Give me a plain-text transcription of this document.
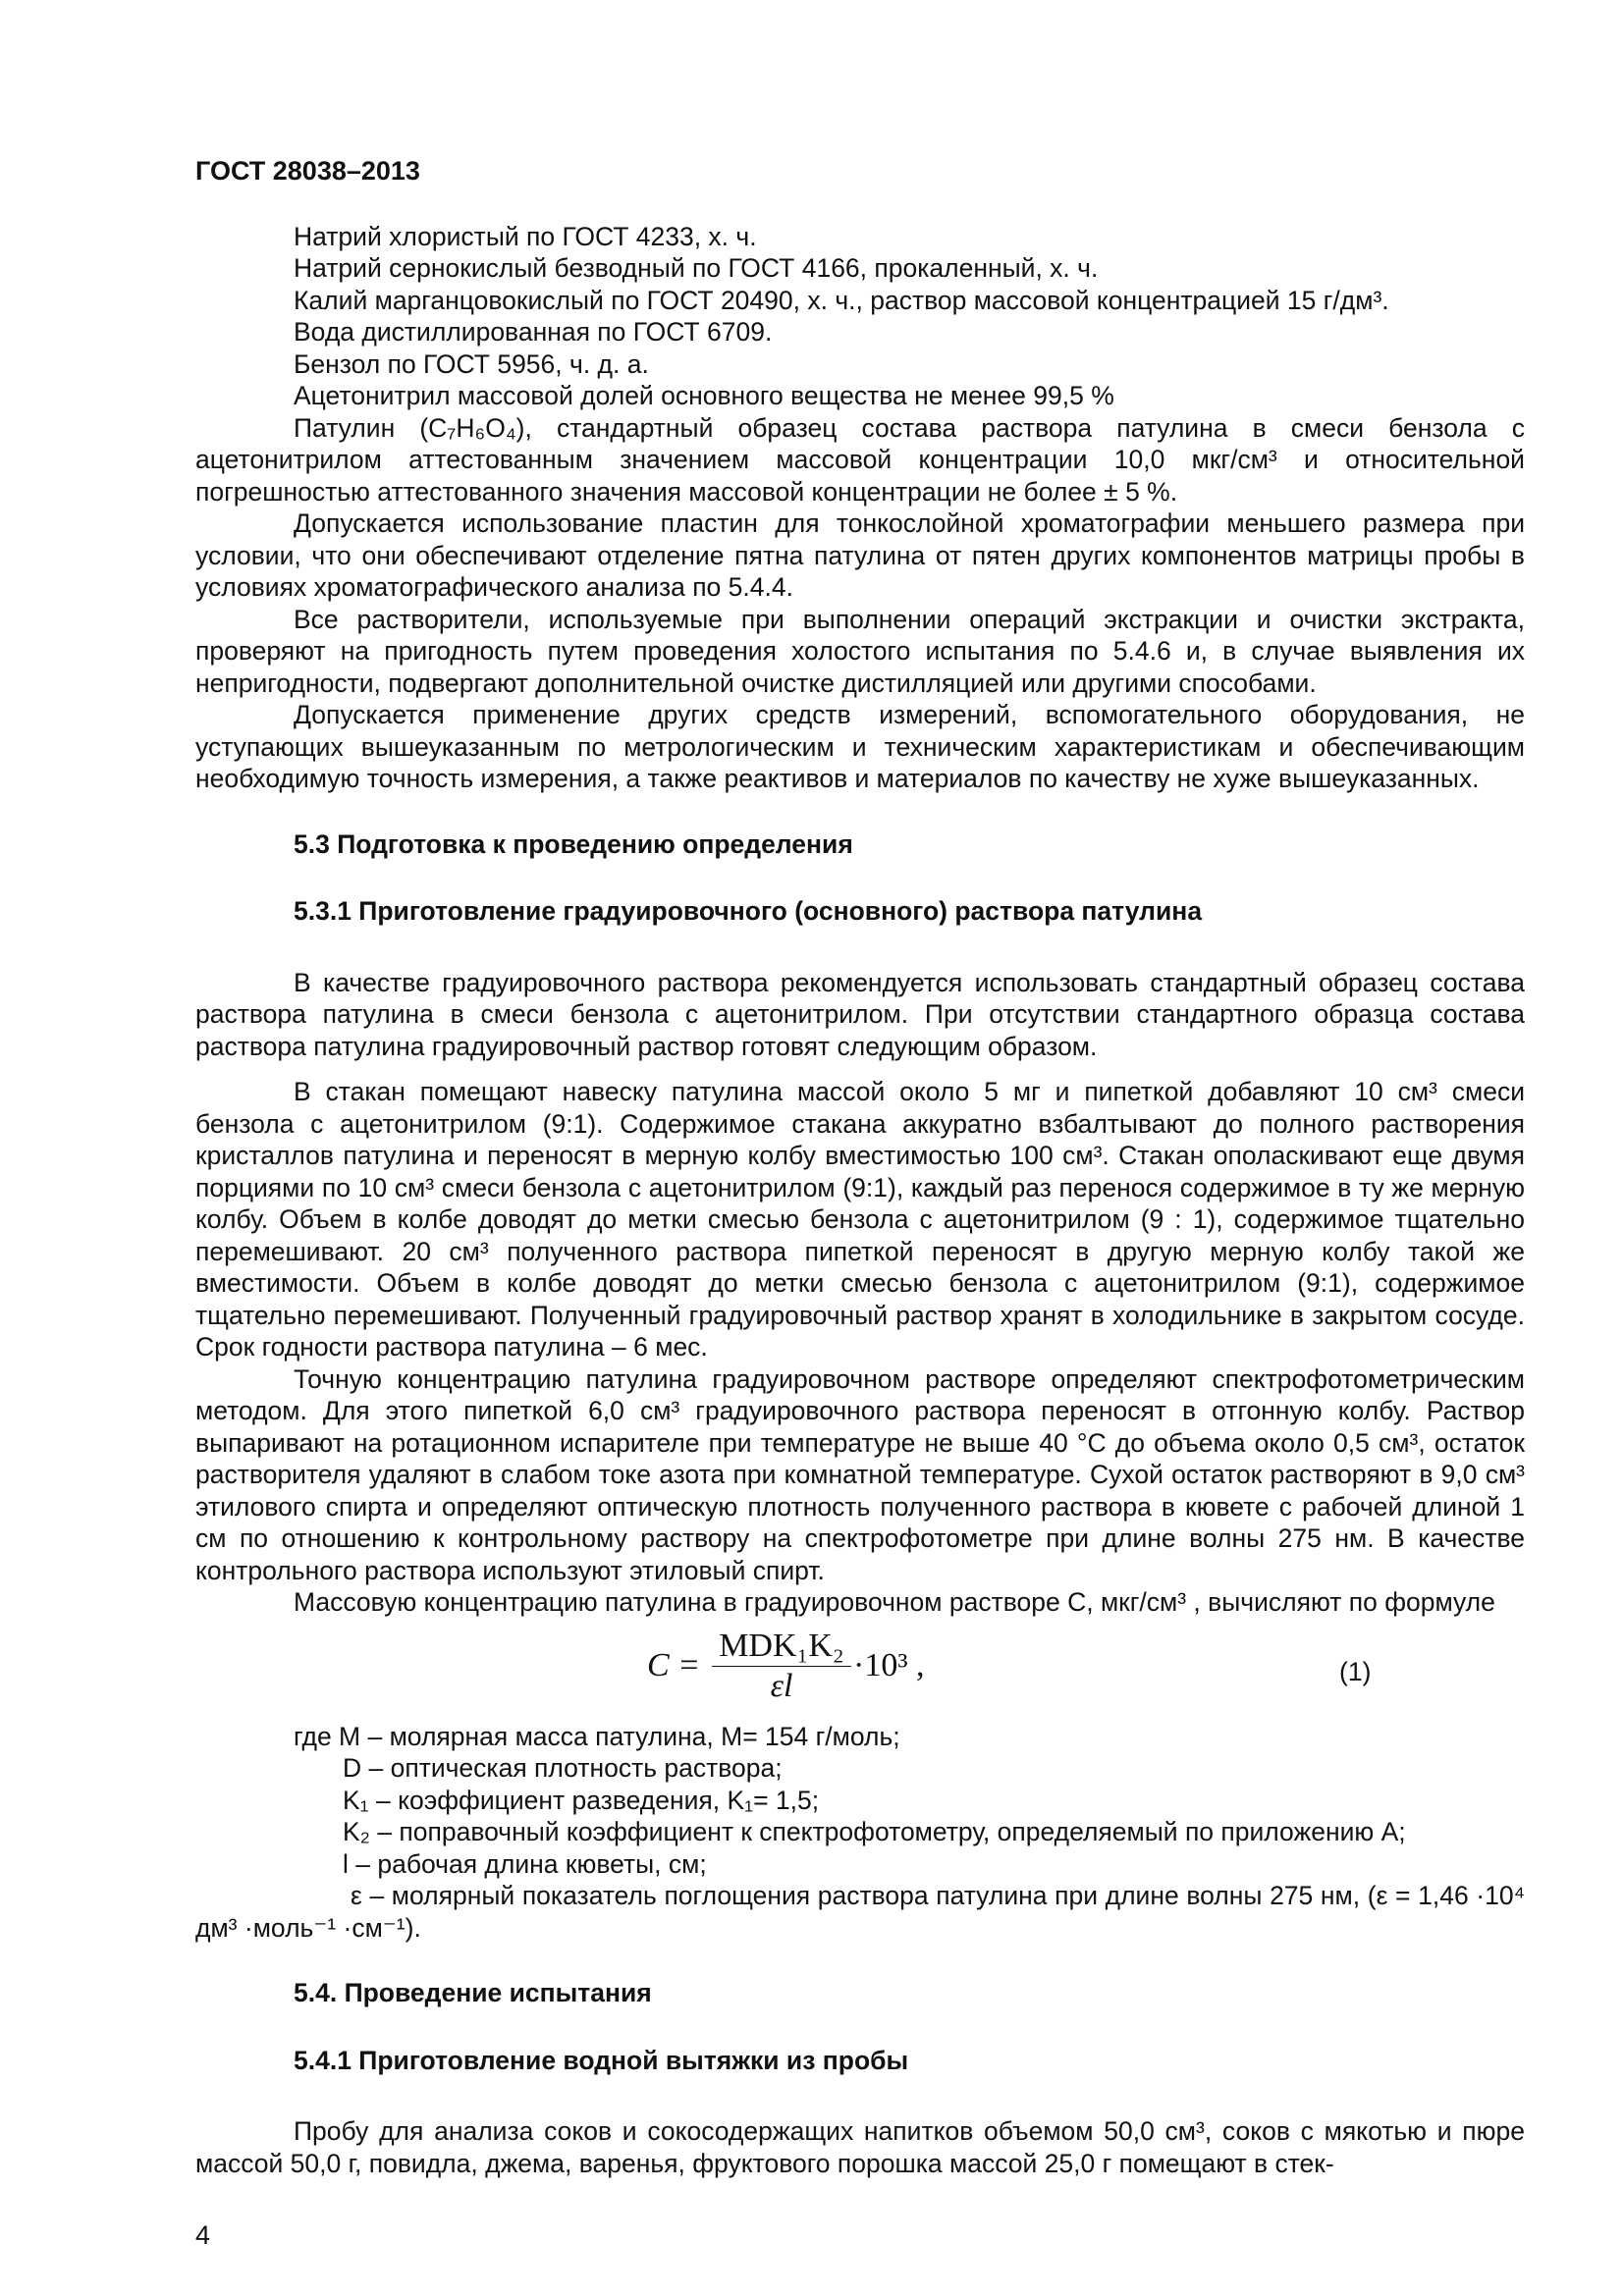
ГОСТ 28038–2013

Натрий хлористый по ГОСТ 4233, х. ч.

Натрий сернокислый безводный по ГОСТ 4166, прокаленный, х. ч.

Калий марганцовокислый по ГОСТ 20490, х. ч., раствор массовой концентрацией 15 г/дм³.

Вода дистиллированная по ГОСТ 6709.

Бензол по ГОСТ 5956, ч. д. а.

Ацетонитрил массовой долей основного вещества не менее 99,5 %

Патулин (C₇H₆O₄), стандартный образец состава раствора патулина в смеси бензола с ацетонитрилом аттестованным значением массовой концентрации 10,0 мкг/см³ и относительной погрешностью аттестованного значения массовой концентрации не более ± 5 %.

Допускается использование пластин для тонкослойной хроматографии меньшего размера при условии, что они обеспечивают отделение пятна патулина от пятен других компонентов матрицы пробы в условиях хроматографического анализа по 5.4.4.

Все растворители, используемые при выполнении операций экстракции и очистки экстракта, проверяют на пригодность путем проведения холостого испытания по 5.4.6 и, в случае выявления их непригодности, подвергают дополнительной очистке дистилляцией или другими способами.

Допускается применение других средств измерений, вспомогательного оборудования, не уступающих вышеуказанным по метрологическим и техническим характеристикам и обеспечивающим необходимую точность измерения, а также реактивов и материалов по качеству не хуже вышеуказанных.

5.3 Подготовка к проведению определения
5.3.1 Приготовление градуировочного (основного) раствора патулина

В качестве градуировочного раствора рекомендуется использовать стандартный образец состава раствора патулина в смеси бензола с ацетонитрилом. При отсутствии стандартного образца состава раствора патулина градуировочный раствор готовят следующим образом.

В стакан помещают навеску патулина массой около 5 мг и пипеткой добавляют 10 см³ смеси бензола с ацетонитрилом (9:1). Содержимое стакана аккуратно взбалтывают до полного растворения кристаллов патулина и переносят в мерную колбу вместимостью 100 см³. Стакан ополаскивают еще двумя порциями по 10 см³ смеси бензола с ацетонитрилом (9:1), каждый раз перенося содержимое в ту же мерную колбу. Объем в колбе доводят до метки смесью бензола с ацетонитрилом (9 : 1), содержимое тщательно перемешивают. 20 см³ полученного раствора пипеткой переносят в другую мерную колбу такой же вместимости. Объем в колбе доводят до метки смесью бензола с ацетонитрилом (9:1), содержимое тщательно перемешивают. Полученный градуировочный раствор хранят в холодильнике в закрытом сосуде. Срок годности раствора патулина – 6 мес.

Точную концентрацию патулина градуировочном растворе определяют спектрофотометрическим методом. Для этого пипеткой 6,0 см³ градуировочного раствора переносят в отгонную колбу. Раствор выпаривают на ротационном испарителе при температуре не выше 40 °C до объема около 0,5 см³, остаток растворителя удаляют в слабом токе азота при комнатной температуре. Сухой остаток растворяют в 9,0 см³ этилового спирта и определяют оптическую плотность полученного раствора в кювете с рабочей длиной 1 см по отношению к контрольному раствору на спектрофотометре при длине волны 275 нм. В качестве контрольного раствора используют этиловый спирт.

Массовую концентрацию патулина в градуировочном растворе C, мкг/см³ , вычисляют по формуле

C =
MDK₁K₂
εl
·10³ ,	(1)

где M – молярная масса патулина, M= 154 г/моль;

D – оптическая плотность раствора;

K₁ – коэффициент разведения, K₁= 1,5;

K₂ – поправочный коэффициент к спектрофотометру, определяемый по приложению А;

l – рабочая длина кюветы, см;

ε – молярный показатель поглощения раствора патулина при длине волны 275 нм, (ε = 1,46 ·10⁴ дм³ ·моль⁻¹ ·см⁻¹).

5.4. Проведение испытания
5.4.1 Приготовление водной вытяжки из пробы

Пробу для анализа соков и сокосодержащих напитков объемом 50,0 см³, соков с мякотью и пюре массой 50,0 г, повидла, джема, варенья, фруктового порошка массой 25,0 г помещают в стек-

4
